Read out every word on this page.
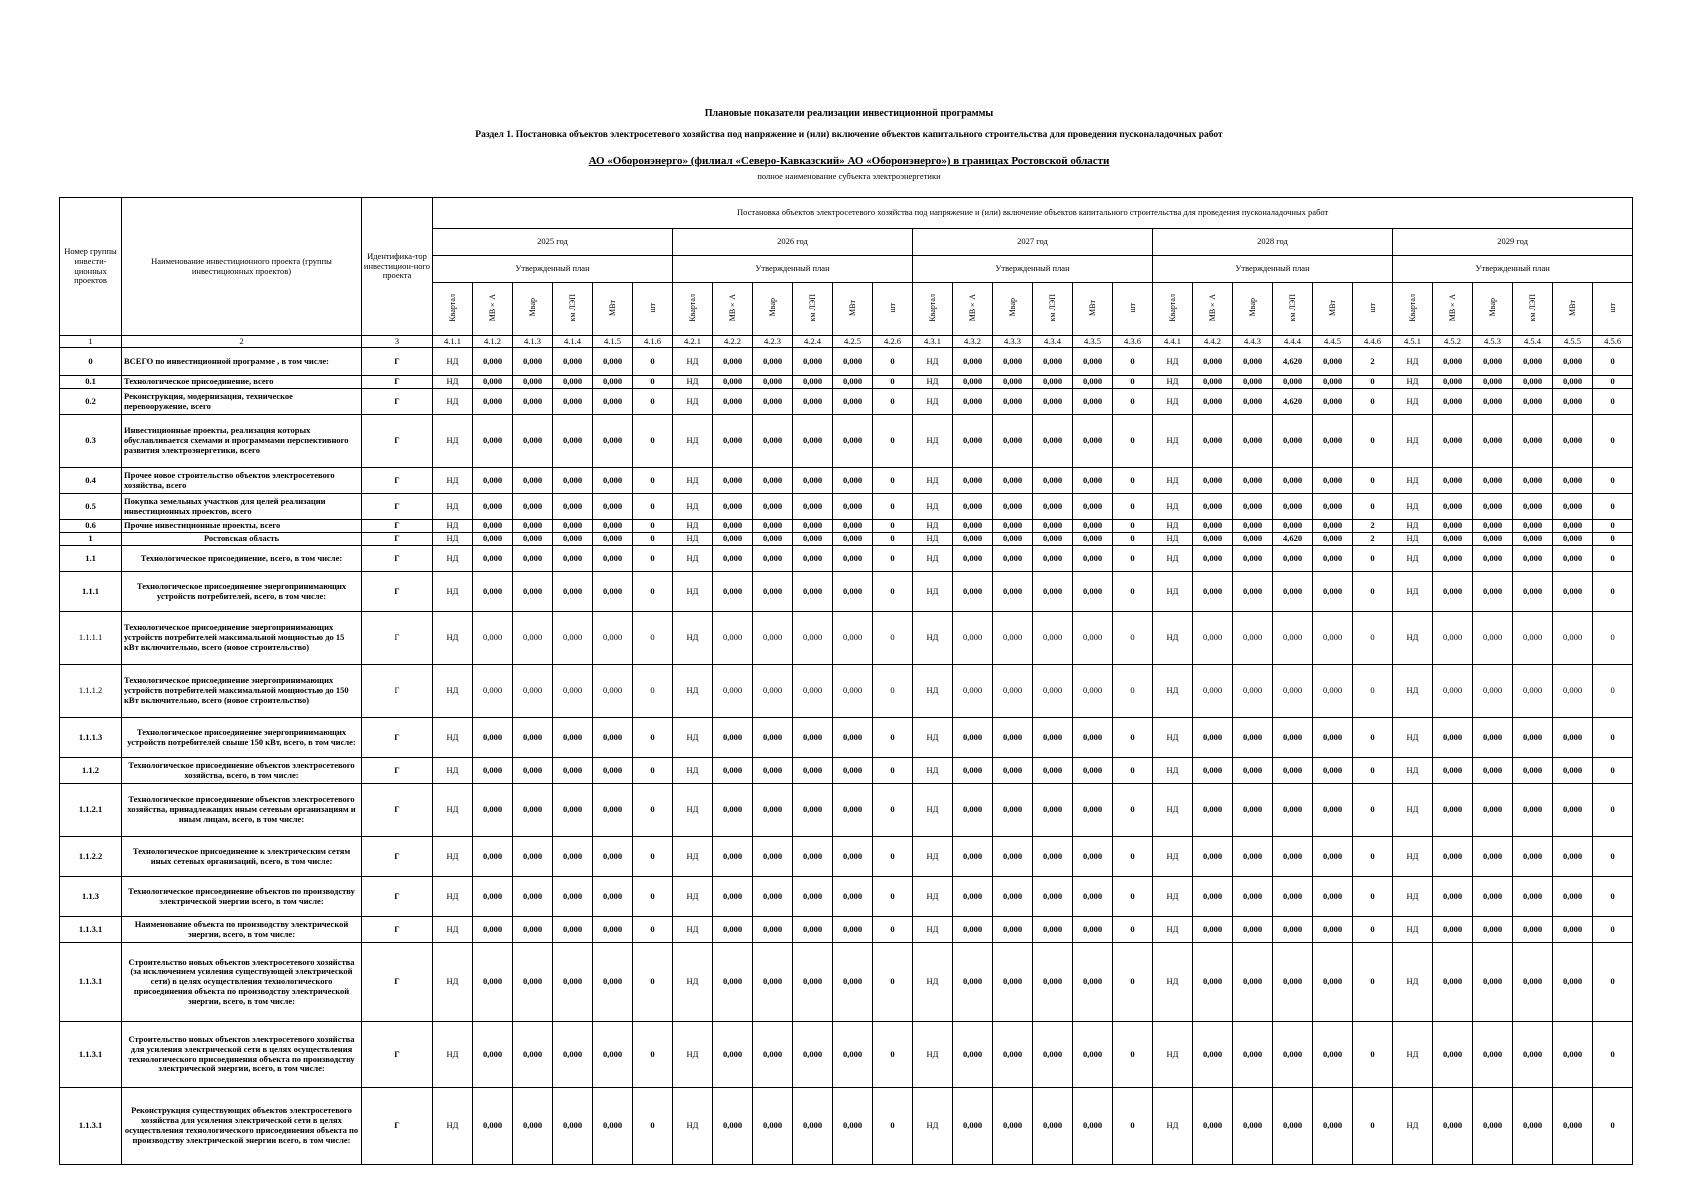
Плановые показатели реализации инвестиционной программы
Раздел 1. Постановка объектов электросетевого хозяйства под напряжение и (или) включение объектов капитального строительства для проведения пусконаладочных работ
АО «Оборонэнерго» (филиал «Северо-Кавказский» АО «Оборонэнерго») в границах Ростовской области
полное наименование субъекта электроэнергетики
Номер группы инвести-ционных проектов	Наименование инвестиционного проекта (группы инвестиционных проектов)	Идентифика-тор инвестицион-ного проекта	Постановка объектов электросетевого хозяйства под напряжение и (или) включение объектов капитального строительства для проведения пусконаладочных работ																													
			2025 год						2026 год						2027 год						2028 год						2029 год					
			Утвержденный план						Утвержденный план						Утвержденный план						Утвержденный план						Утвержденный план					
			Квартал	МВ×А	Мвар	км ЛЭП	МВт	шт	Квартал	МВ×А	Мвар	км ЛЭП	МВт	шт	Квартал	МВ×А	Мвар	км ЛЭП	МВт	шт	Квартал	МВ×А	Мвар	км ЛЭП	МВт	шт	Квартал	МВ×А	Мвар	км ЛЭП	МВт	шт
1	2	3	4.1.1	4.1.2	4.1.3	4.1.4	4.1.5	4.1.6	4.2.1	4.2.2	4.2.3	4.2.4	4.2.5	4.2.6	4.3.1	4.3.2	4.3.3	4.3.4	4.3.5	4.3.6	4.4.1	4.4.2	4.4.3	4.4.4	4.4.5	4.4.6	4.5.1	4.5.2	4.5.3	4.5.4	4.5.5	4.5.6
0	ВСЕГО по инвестиционной программе , в том числе:	Г	НД	0,000	0,000	0,000	0,000	0	НД	0,000	0,000	0,000	0,000	0	НД	0,000	0,000	0,000	0,000	0	НД	0,000	0,000	4,620	0,000	2	НД	0,000	0,000	0,000	0,000	0
0.1	Технологическое присоединение, всего	Г	НД	0,000	0,000	0,000	0,000	0	НД	0,000	0,000	0,000	0,000	0	НД	0,000	0,000	0,000	0,000	0	НД	0,000	0,000	0,000	0,000	0	НД	0,000	0,000	0,000	0,000	0
0.2	Реконструкция, модернизация, техническое перевооружение, всего	Г	НД	0,000	0,000	0,000	0,000	0	НД	0,000	0,000	0,000	0,000	0	НД	0,000	0,000	0,000	0,000	0	НД	0,000	0,000	4,620	0,000	0	НД	0,000	0,000	0,000	0,000	0
0.3	Инвестиционные проекты, реализация которых обуславливается схемами и программами перспективного развития электроэнергетики, всего	Г	НД	0,000	0,000	0,000	0,000	0	НД	0,000	0,000	0,000	0,000	0	НД	0,000	0,000	0,000	0,000	0	НД	0,000	0,000	0,000	0,000	0	НД	0,000	0,000	0,000	0,000	0
0.4	Прочее новое строительство объектов электросетевого хозяйства, всего	Г	НД	0,000	0,000	0,000	0,000	0	НД	0,000	0,000	0,000	0,000	0	НД	0,000	0,000	0,000	0,000	0	НД	0,000	0,000	0,000	0,000	0	НД	0,000	0,000	0,000	0,000	0
0.5	Покупка земельных участков для целей реализации инвестиционных проектов, всего	Г	НД	0,000	0,000	0,000	0,000	0	НД	0,000	0,000	0,000	0,000	0	НД	0,000	0,000	0,000	0,000	0	НД	0,000	0,000	0,000	0,000	0	НД	0,000	0,000	0,000	0,000	0
0.6	Прочие инвестиционные проекты, всего	Г	НД	0,000	0,000	0,000	0,000	0	НД	0,000	0,000	0,000	0,000	0	НД	0,000	0,000	0,000	0,000	0	НД	0,000	0,000	0,000	0,000	2	НД	0,000	0,000	0,000	0,000	0
1	Ростовская область	Г	НД	0,000	0,000	0,000	0,000	0	НД	0,000	0,000	0,000	0,000	0	НД	0,000	0,000	0,000	0,000	0	НД	0,000	0,000	4,620	0,000	2	НД	0,000	0,000	0,000	0,000	0
1.1	Технологическое присоединение, всего, в том числе:	Г	НД	0,000	0,000	0,000	0,000	0	НД	0,000	0,000	0,000	0,000	0	НД	0,000	0,000	0,000	0,000	0	НД	0,000	0,000	0,000	0,000	0	НД	0,000	0,000	0,000	0,000	0
1.1.1	Технологическое присоединение энергопринимающих устройств потребителей, всего, в том числе:	Г	НД	0,000	0,000	0,000	0,000	0	НД	0,000	0,000	0,000	0,000	0	НД	0,000	0,000	0,000	0,000	0	НД	0,000	0,000	0,000	0,000	0	НД	0,000	0,000	0,000	0,000	0
1.1.1.1	Технологическое присоединение энергопринимающих устройств потребителей максимальной мощностью до 15 кВт включительно, всего (новое строительство)	Г	НД	0,000	0,000	0,000	0,000	0	НД	0,000	0,000	0,000	0,000	0	НД	0,000	0,000	0,000	0,000	0	НД	0,000	0,000	0,000	0,000	0	НД	0,000	0,000	0,000	0,000	0
1.1.1.2	Технологическое присоединение энергопринимающих устройств потребителей максимальной мощностью до 150 кВт включительно, всего (новое строительство)	Г	НД	0,000	0,000	0,000	0,000	0	НД	0,000	0,000	0,000	0,000	0	НД	0,000	0,000	0,000	0,000	0	НД	0,000	0,000	0,000	0,000	0	НД	0,000	0,000	0,000	0,000	0
1.1.1.3	Технологическое присоединение энергопринимающих устройств потребителей свыше 150 кВт, всего, в том числе:	Г	НД	0,000	0,000	0,000	0,000	0	НД	0,000	0,000	0,000	0,000	0	НД	0,000	0,000	0,000	0,000	0	НД	0,000	0,000	0,000	0,000	0	НД	0,000	0,000	0,000	0,000	0
1.1.2	Технологическое присоединение объектов электросетевого хозяйства, всего, в том числе:	Г	НД	0,000	0,000	0,000	0,000	0	НД	0,000	0,000	0,000	0,000	0	НД	0,000	0,000	0,000	0,000	0	НД	0,000	0,000	0,000	0,000	0	НД	0,000	0,000	0,000	0,000	0
1.1.2.1	Технологическое присоединение объектов электросетевого хозяйства, принадлежащих иным сетевым организациям и иным лицам, всего, в том числе:	Г	НД	0,000	0,000	0,000	0,000	0	НД	0,000	0,000	0,000	0,000	0	НД	0,000	0,000	0,000	0,000	0	НД	0,000	0,000	0,000	0,000	0	НД	0,000	0,000	0,000	0,000	0
1.1.2.2	Технологическое присоединение к электрическим сетям иных сетевых организаций, всего, в том числе:	Г	НД	0,000	0,000	0,000	0,000	0	НД	0,000	0,000	0,000	0,000	0	НД	0,000	0,000	0,000	0,000	0	НД	0,000	0,000	0,000	0,000	0	НД	0,000	0,000	0,000	0,000	0
1.1.3	Технологическое присоединение объектов по производству электрической энергии всего, в том числе:	Г	НД	0,000	0,000	0,000	0,000	0	НД	0,000	0,000	0,000	0,000	0	НД	0,000	0,000	0,000	0,000	0	НД	0,000	0,000	0,000	0,000	0	НД	0,000	0,000	0,000	0,000	0
1.1.3.1	Наименование объекта по производству электрической энергии, всего, в том числе:	Г	НД	0,000	0,000	0,000	0,000	0	НД	0,000	0,000	0,000	0,000	0	НД	0,000	0,000	0,000	0,000	0	НД	0,000	0,000	0,000	0,000	0	НД	0,000	0,000	0,000	0,000	0
1.1.3.1	Строительство новых объектов электросетевого хозяйства (за исключением усиления существующей электрической сети) в целях осуществления технологического присоединения объекта по производству электрической энергии, всего, в том числе:	Г	НД	0,000	0,000	0,000	0,000	0	НД	0,000	0,000	0,000	0,000	0	НД	0,000	0,000	0,000	0,000	0	НД	0,000	0,000	0,000	0,000	0	НД	0,000	0,000	0,000	0,000	0
1.1.3.1	Строительство новых объектов электросетевого хозяйства для усиления электрической сети в целях осуществления технологического присоединения объекта по производству электрической энергии, всего, в том числе:	Г	НД	0,000	0,000	0,000	0,000	0	НД	0,000	0,000	0,000	0,000	0	НД	0,000	0,000	0,000	0,000	0	НД	0,000	0,000	0,000	0,000	0	НД	0,000	0,000	0,000	0,000	0
1.1.3.1	Реконструкция существующих объектов электросетевого хозяйства для усиления электрической сети в целях осуществления технологического присоединения объекта по производству электрической энергии всего, в том числе:	Г	НД	0,000	0,000	0,000	0,000	0	НД	0,000	0,000	0,000	0,000	0	НД	0,000	0,000	0,000	0,000	0	НД	0,000	0,000	0,000	0,000	0	НД	0,000	0,000	0,000	0,000	0
